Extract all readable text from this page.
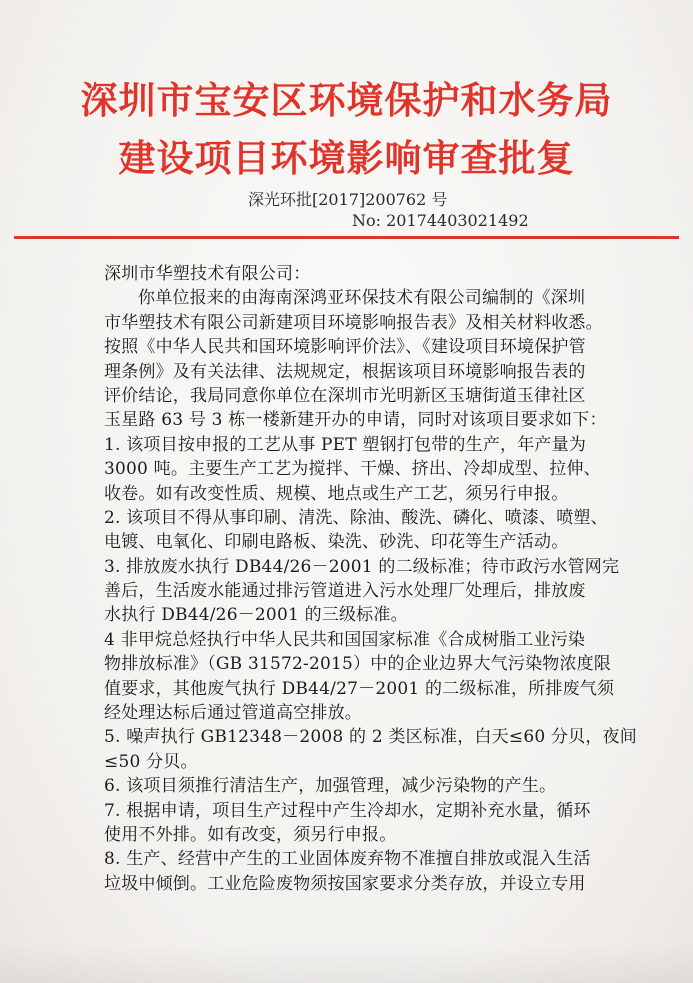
深圳市宝安区环境保护和水务局
建设项目环境影响审查批复
深光环批[2017]200762 号
No: 20174403021492
深圳市华塑技术有限公司：
你单位报来的由海南深鸿亚环保技术有限公司编制的《深圳
市华塑技术有限公司新建项目环境影响报告表》及相关材料收悉。
按照《中华人民共和国环境影响评价法》、《建设项目环境保护管
理条例》及有关法律、法规规定，根据该项目环境影响报告表的
评价结论，我局同意你单位在深圳市光明新区玉塘街道玉律社区
玉星路 63 号 3 栋一楼新建开办的申请，同时对该项目要求如下：
1. 该项目按申报的工艺从事 PET 塑钢打包带的生产，年产量为
3000 吨。主要生产工艺为搅拌、干燥、挤出、冷却成型、拉伸、
收卷。如有改变性质、规模、地点或生产工艺，须另行申报。
2. 该项目不得从事印刷、清洗、除油、酸洗、磷化、喷漆、喷塑、
电镀、电氧化、印刷电路板、染洗、砂洗、印花等生产活动。
3. 排放废水执行 DB44/26－2001 的二级标准；待市政污水管网完
善后，生活废水能通过排污管道进入污水处理厂处理后，排放废
水执行 DB44/26－2001 的三级标准。
4 非甲烷总烃执行中华人民共和国国家标准《合成树脂工业污染
物排放标准》（GB 31572-2015）中的企业边界大气污染物浓度限
值要求，其他废气执行 DB44/27－2001 的二级标准，所排废气须
经处理达标后通过管道高空排放。
5. 噪声执行 GB12348－2008 的 2 类区标准，白天≤60 分贝，夜间
≤50 分贝。
6. 该项目须推行清洁生产，加强管理，减少污染物的产生。
7. 根据申请，项目生产过程中产生冷却水，定期补充水量，循环
使用不外排。如有改变，须另行申报。
8. 生产、经营中产生的工业固体废弃物不准擅自排放或混入生活
垃圾中倾倒。工业危险废物须按国家要求分类存放，并设立专用
